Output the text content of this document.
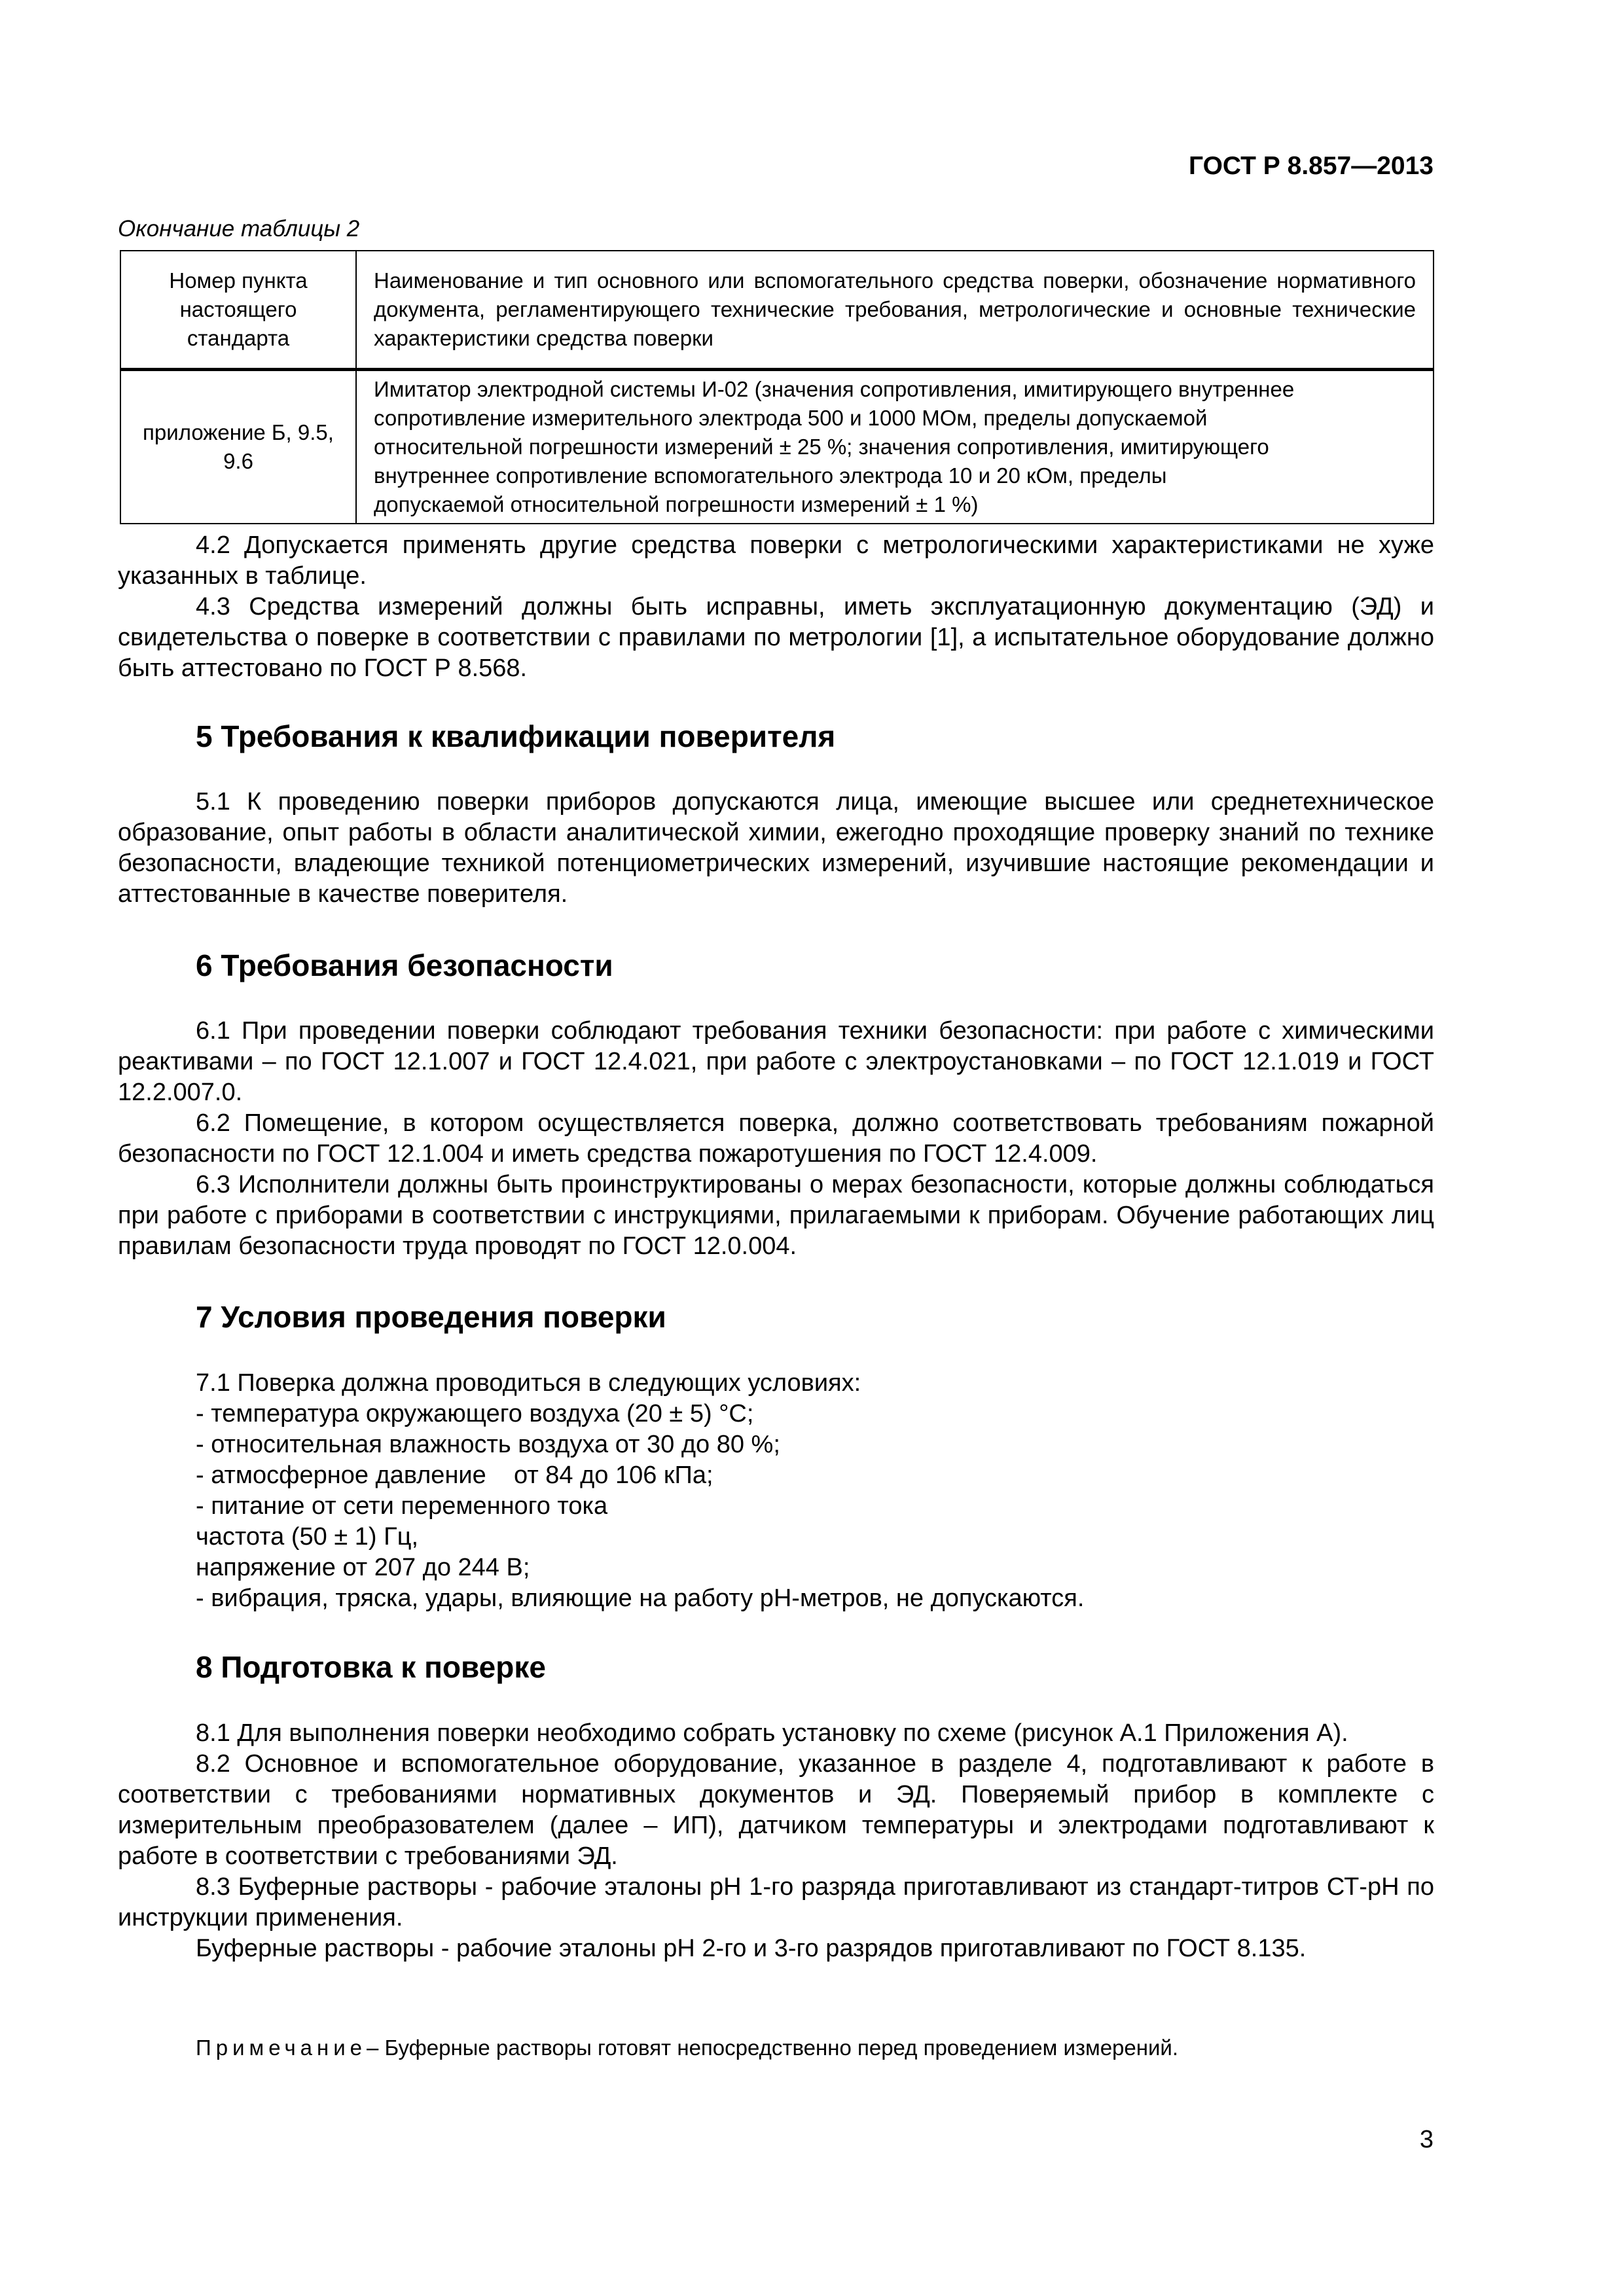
ГОСТ Р 8.857—2013
Окончание таблицы 2
Номер пункта настоящего стандарта	Наименование и тип основного или вспомогательного средства поверки, обозначение нормативного документа, регламентирующего технические требования, метрологические и основные технические характеристики средства поверки
приложение Б, 9.5, 9.6	Имитатор электродной системы И-02 (значения сопротивления, имитирующего внутреннее
сопротивление измерительного электрода 500 и 1000 МОм, пределы допускаемой
относительной погрешности измерений ± 25 %; значения сопротивления, имитирующего
внутреннее сопротивление вспомогательного электрода 10 и 20 кОм, пределы
допускаемой относительной погрешности измерений ± 1 %)

4.2 Допускается применять другие средства поверки с метрологическими характеристиками не хуже указанных в таблице.

4.3 Средства измерений должны быть исправны, иметь эксплуатационную документацию (ЭД) и свидетельства о поверке в соответствии с правилами по метрологии [1], а испытательное оборудование должно быть аттестовано по ГОСТ Р 8.568.

5 Требования к квалификации поверителя

5.1 К проведению поверки приборов допускаются лица, имеющие высшее или среднетехническое образование, опыт работы в области аналитической химии, ежегодно проходящие проверку знаний по технике безопасности, владеющие техникой потенциометрических измерений, изучившие настоящие рекомендации и аттестованные в качестве поверителя.

6 Требования безопасности

6.1 При проведении поверки соблюдают требования техники безопасности: при работе с химическими реактивами – по ГОСТ 12.1.007 и ГОСТ 12.4.021, при работе с электроустановками – по ГОСТ 12.1.019 и ГОСТ 12.2.007.0.

6.2 Помещение, в котором осуществляется поверка, должно соответствовать требованиям пожарной безопасности по ГОСТ 12.1.004 и иметь средства пожаротушения по ГОСТ 12.4.009.

6.3 Исполнители должны быть проинструктированы о мерах безопасности, которые должны соблюдаться при работе с приборами в соответствии с инструкциями, прилагаемыми к приборам. Обучение работающих лиц правилам безопасности труда проводят по ГОСТ 12.0.004.

7 Условия проведения поверки

7.1 Поверка должна проводиться в следующих условиях:

- температура окружающего воздуха (20 ± 5) °С;

- относительная влажность воздуха от 30 до 80 %;

- атмосферное давление    от 84 до 106 кПа;

- питание от сети переменного тока

частота (50 ± 1) Гц,

напряжение от 207 до 244 В;

- вибрация, тряска, удары, влияющие на работу рН-метров, не допускаются.

8 Подготовка к поверке

8.1 Для выполнения поверки необходимо собрать установку по схеме (рисунок А.1 Приложения А).

8.2 Основное и вспомогательное оборудование, указанное в разделе 4, подготавливают к работе в соответствии с требованиями нормативных документов и ЭД. Поверяемый прибор в комплекте с измерительным преобразователем (далее – ИП), датчиком температуры и электродами подготавливают к работе в соответствии с требованиями ЭД.

8.3 Буферные растворы - рабочие эталоны рН 1-го разряда приготавливают из стандарт-титров СТ-рН по инструкции применения.

Буферные растворы - рабочие эталоны рН 2-го и 3-го разрядов приготавливают по ГОСТ 8.135.

Примечание– Буферные растворы готовят непосредственно перед проведением измерений.
3
